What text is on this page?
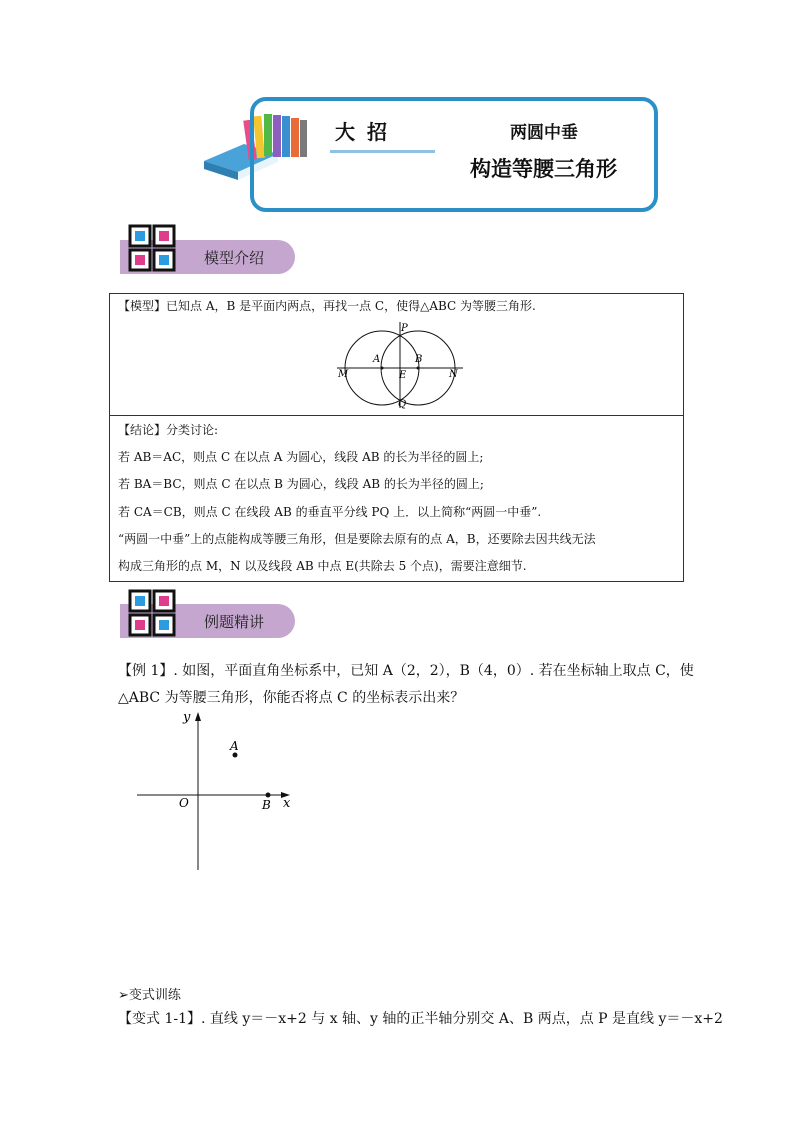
大招	两圆中垂
构造等腰三角形
模型介绍
【模型】已知点 A，B 是平面内两点，再找一点 C，使得△ABC 为等腰三角形.
P
A	B
E
M	N
Q
【结论】分类讨论:
若 AB＝AC，则点 C 在以点 A 为圆心，线段 AB 的长为半径的圆上;
若 BA＝BC，则点 C 在以点 B 为圆心，线段 AB 的长为半径的圆上;
若 CA＝CB，则点 C 在线段 AB 的垂直平分线 PQ 上．以上简称“两圆一中垂”.
“两圆一中垂”上的点能构成等腰三角形，但是要除去原有的点 A，B，还要除去因共线无法
构成三角形的点 M，N 以及线段 AB 中点 E(共除去 5 个点)，需要注意细节.
例题精讲
【例 1】. 如图，平面直角坐标系中，已知 A（2，2），B（4，0）. 若在坐标轴上取点 C，使
△ABC 为等腰三角形，你能否将点 C 的坐标表示出来？
y
x
O
A
B
➢变式训练
【变式 1-1】. 直线 y＝－x+2 与 x 轴、y 轴的正半轴分别交 A、B 两点，点 P 是直线 y＝－x+2
